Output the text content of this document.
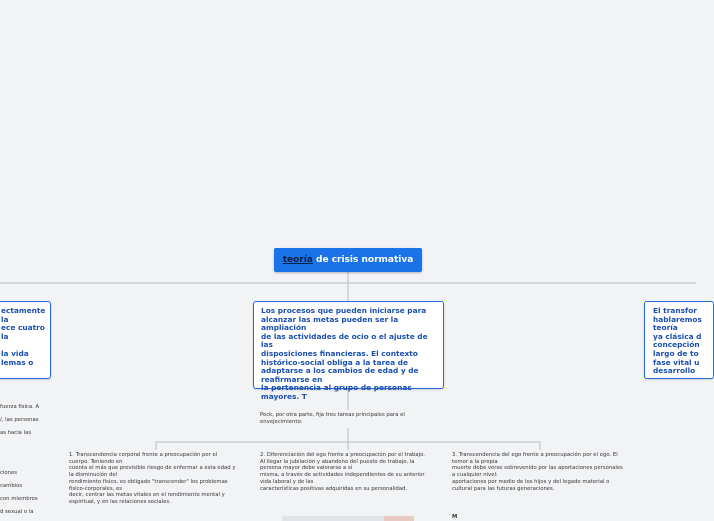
teoría de crisis normativa
Los procesos que pueden iniciarse para
alcanzar las metas pueden ser la ampliación
de las actividades de ocio o el ajuste de las
disposiciones financieras. El contexto
histórico-social obliga a la tarea de
adaptarse a los cambios de edad y de
reafirmarse en
la pertenencia al grupo de personas
mayores. T
ectamente
la
ece cuatro
la

la vida
lemas o
El transfor
hablaremos
teoría
ya clásica d
concepción
largo de to
fase vital u
desarrollo
Peck, por otra parte, fija tres tareas principales para el
envejecimiento:
1. Transcendencia corporal frente a preocupación por el
cuerpo. Teniendo en
cuenta el más que previsible riesgo de enfermar a esta edad y
la disminución del
rendimiento físico, es obligado "transcender" los problemas
físico-corporales, es
decir, centrar las metas vitales en el rendimiento mental y
espiritual, y en las relaciones sociales.
2. Diferenciación del ego frente a preocupación por el trabajo.
Al llegar la jubilación y abandono del puesto de trabajo, la
persona mayor debe valorarse a sí
misma, a través de actividades independientes de su anterior
vida laboral y de las
características positivas adquiridas en su personalidad.
3. Transcendencia del ego frente a preocupación por el ego. El
temor a la propia
muerte debe verse sobrevenido por las aportaciones personales
a cualquier nivel:
aportaciones por medio de los hijos y del legado material o
cultural para las futuras generaciones.
fuerza física. A
/, las personas
as hacia las
ciones
cambios
con miembros
d sexual o la
M
